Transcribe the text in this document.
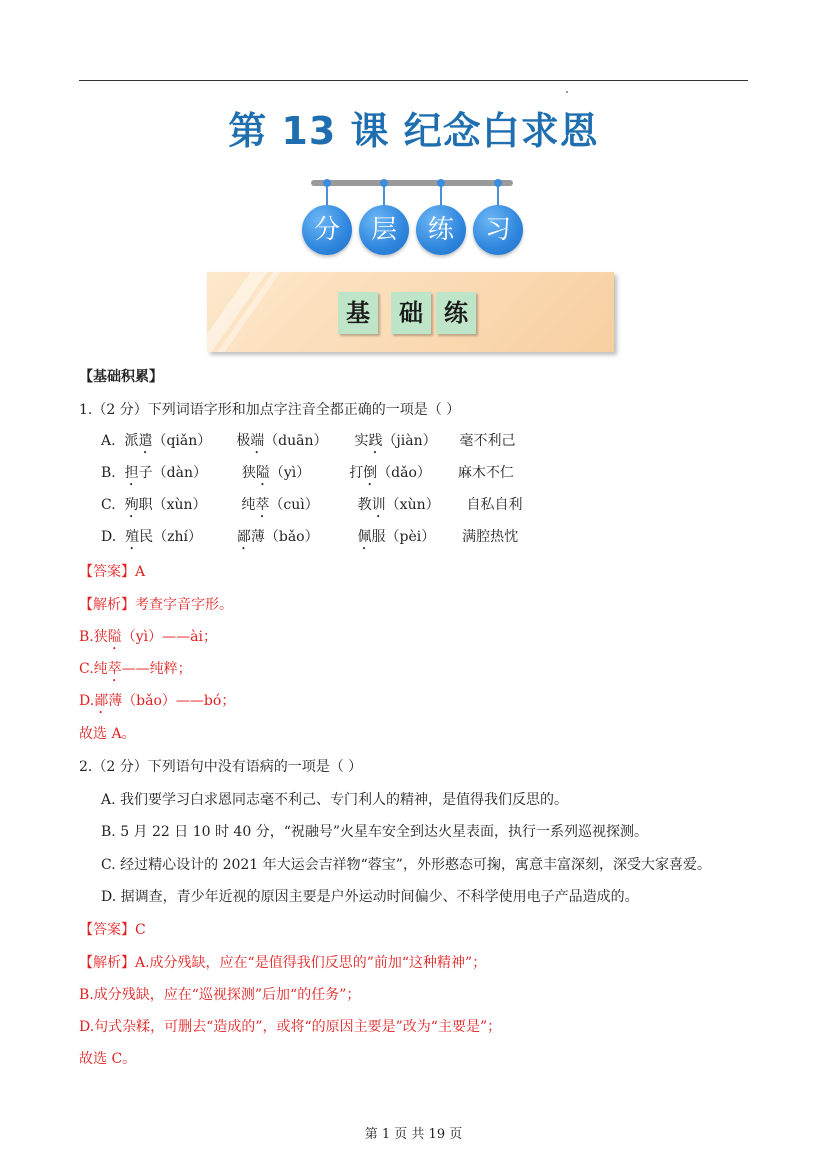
第 13 课 纪念白求恩
分	层	练	习
基	础 练
【基础积累】
1.（2 分）下列词语字形和加点字注音全都正确的一项是（ ）
A. 派遣（qiǎn） 极端（duān） 实践（jiàn） 毫不利己
B. 担子（dàn） 狭隘（yì）	打倒（dǎo） 麻木不仁
C. 殉职（xùn） 纯萃（cuì）	教训（xùn） 自私自利
D. 殖民（zhí） 鄙薄（bǎo）	佩服（pèi） 满腔热忱
【答案】A
【解析】考查字音字形。
B.狭隘（yì）——ài；
C.纯萃——纯粹；
D.鄙薄（bǎo）——bó；
故选 A。
2.（2 分）下列语句中没有语病的一项是（ ）
A. 我们要学习白求恩同志毫不利己、专门利人的精神，是值得我们反思的。
B. 5 月 22 日 10 时 40 分，“祝融号”火星车安全到达火星表面，执行一系列巡视探测。
C. 经过精心设计的 2021 年大运会吉祥物“蓉宝”，外形憨态可掬，寓意丰富深刻，深受大家喜爱。
D. 据调查，青少年近视的原因主要是户外运动时间偏少、不科学使用电子产品造成的。
【答案】C
【解析】A.成分残缺，应在“是值得我们反思的”前加“这种精神”；
B.成分残缺，应在“巡视探测”后加“的任务”；
D.句式杂糅，可删去“造成的”，或将“的原因主要是”改为“主要是”；
故选 C。
第 1 页 共 19 页
